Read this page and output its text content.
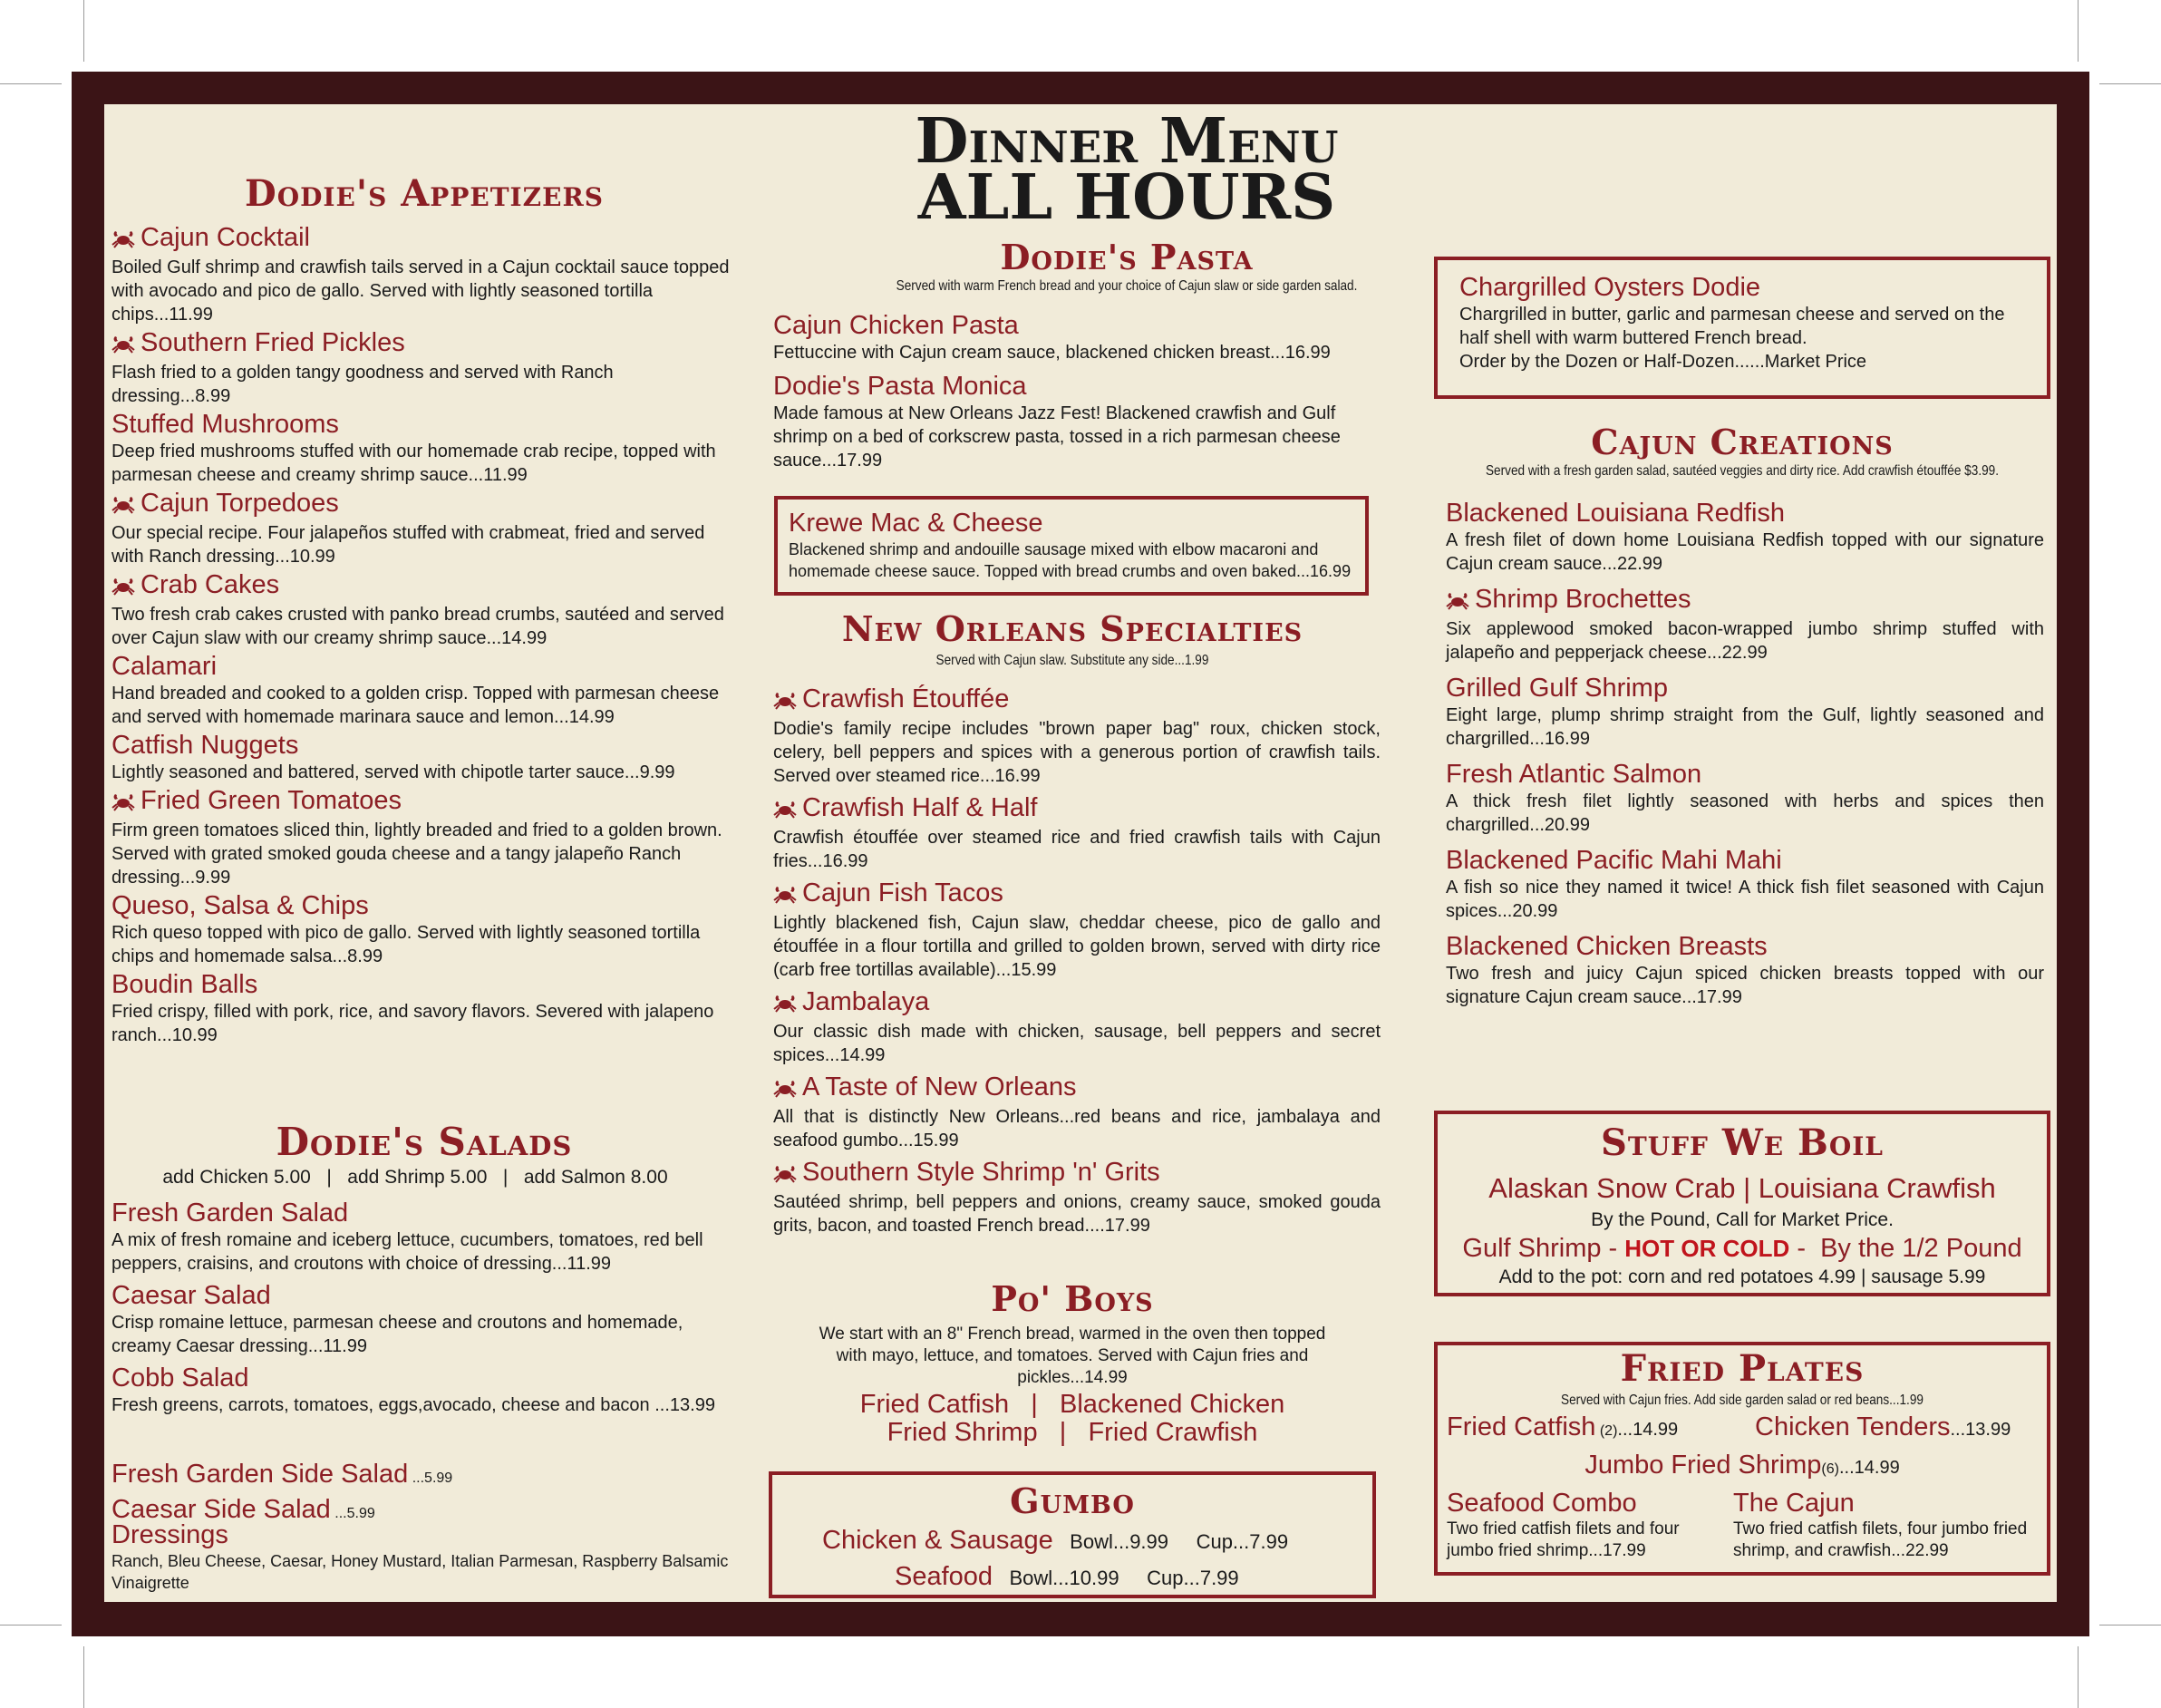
Dodie's Appetizers
Cajun Cocktail
Boiled Gulf shrimp and crawfish tails served in a Cajun cocktail sauce topped with avocado and pico de gallo. Served with lightly seasoned tortilla chips...11.99
Southern Fried Pickles
Flash fried to a golden tangy goodness and served with Ranch dressing...8.99
Stuffed Mushrooms
Deep fried mushrooms stuffed with our homemade crab recipe, topped with parmesan cheese and creamy shrimp sauce...11.99
Cajun Torpedoes
Our special recipe. Four jalapeños stuffed with crabmeat, fried and served with Ranch dressing...10.99
Crab Cakes
Two fresh crab cakes crusted with panko bread crumbs, sautéed and served over Cajun slaw with our creamy shrimp sauce...14.99
Calamari
Hand breaded and cooked to a golden crisp. Topped with parmesan cheese and served with homemade marinara sauce and lemon...14.99
Catfish Nuggets
Lightly seasoned and battered, served with chipotle tarter sauce...9.99
Fried Green Tomatoes
Firm green tomatoes sliced thin, lightly breaded and fried to a golden brown. Served with grated smoked gouda cheese and a tangy jalapeño Ranch dressing...9.99
Queso, Salsa & Chips
Rich queso topped with pico de gallo. Served with lightly seasoned tortilla chips and homemade salsa...8.99
Boudin Balls
Fried crispy, filled with pork, rice, and savory flavors. Severed with jalapeno ranch...10.99
Dodie's Salads
add Chicken 5.00   |   add Shrimp 5.00   |   add Salmon 8.00
Fresh Garden Salad
A mix of fresh romaine and iceberg lettuce, cucumbers, tomatoes, red bell peppers, craisins, and croutons with choice of dressing...11.99
Caesar Salad
Crisp romaine lettuce, parmesan cheese and croutons and homemade, creamy Caesar dressing...11.99
Cobb Salad
Fresh greens, carrots, tomatoes, eggs,avocado, cheese and bacon ...13.99
Fresh Garden Side Salad ...5.99
Caesar Side Salad ...5.99
Dressings
Ranch, Bleu Cheese, Caesar, Honey Mustard, Italian Parmesan, Raspberry Balsamic Vinaigrette
Dinner Menu
ALL HOURS
Dodie's Pasta
Served with warm French bread and your choice of Cajun slaw or side garden salad.
Cajun Chicken Pasta
Fettuccine with Cajun cream sauce, blackened chicken breast...16.99
Dodie's Pasta Monica
Made famous at New Orleans Jazz Fest! Blackened crawfish and Gulf shrimp on a bed of corkscrew pasta, tossed in a rich parmesan cheese sauce...17.99
Krewe Mac & Cheese
Blackened shrimp and andouille sausage mixed with elbow macaroni and homemade cheese sauce. Topped with bread crumbs and oven baked...16.99
New Orleans Specialties
Served with Cajun slaw. Substitute any side...1.99
Crawfish Étouffée
Dodie's family recipe includes "brown paper bag" roux, chicken stock, celery, bell peppers and spices with a generous portion of crawfish tails. Served over steamed rice...16.99
Crawfish Half & Half
Crawfish étouffée over steamed rice and fried crawfish tails with Cajun fries...16.99
Cajun Fish Tacos
Lightly blackened fish, Cajun slaw, cheddar cheese, pico de gallo and étouffée in a flour tortilla and grilled to golden brown, served with dirty rice (carb free tortillas available)...15.99
Jambalaya
Our classic dish made with chicken, sausage, bell peppers and secret spices...14.99
A Taste of New Orleans
All that is distinctly New Orleans...red beans and rice, jambalaya and seafood gumbo...15.99
Southern Style Shrimp 'n' Grits
Sautéed shrimp, bell peppers and onions, creamy sauce, smoked gouda grits, bacon, and toasted French bread....17.99
Po' Boys
We start with an 8" French bread, warmed in the oven then topped with mayo, lettuce, and tomatoes. Served with Cajun fries and pickles...14.99
Fried Catfish   |   Blackened Chicken
Fried Shrimp   |   Fried Crawfish
Gumbo
Chicken & Sausage Bowl...9.99     Cup...7.99
Seafood Bowl...10.99     Cup...7.99
Chargrilled Oysters Dodie
Chargrilled in butter, garlic and parmesan cheese and served on the half shell with warm buttered French bread.
Order by the Dozen or Half-Dozen......Market Price
Cajun Creations
Served with a fresh garden salad, sautéed veggies and dirty rice. Add crawfish étouffée $3.99.
Blackened Louisiana Redfish
A fresh filet of down home Louisiana Redfish topped with our signature Cajun cream sauce...22.99
Shrimp Brochettes
Six applewood smoked bacon-wrapped jumbo shrimp stuffed with jalapeño and pepperjack cheese...22.99
Grilled Gulf Shrimp
Eight large, plump shrimp straight from the Gulf, lightly seasoned and chargrilled...16.99
Fresh Atlantic Salmon
A thick fresh filet lightly seasoned with herbs and spices then chargrilled...20.99
Blackened Pacific Mahi Mahi
A fish so nice they named it twice! A thick fish filet seasoned with Cajun spices...20.99
Blackened Chicken Breasts
Two fresh and juicy Cajun spiced chicken breasts topped with our signature Cajun cream sauce...17.99
Stuff We Boil
Alaskan Snow Crab | Louisiana Crawfish
By the Pound, Call for Market Price.
Gulf Shrimp - HOT OR COLD -  By the 1/2 Pound
Add to the pot: corn and red potatoes 4.99 | sausage 5.99
Fried Plates
Served with Cajun fries. Add side garden salad or red beans...1.99
Fried Catfish (2)...14.99	Chicken Tenders...13.99
Jumbo Fried Shrimp(6)...14.99
Seafood Combo
Two fried catfish filets and four jumbo fried shrimp...17.99
The Cajun
Two fried catfish filets, four jumbo fried shrimp, and crawfish...22.99
